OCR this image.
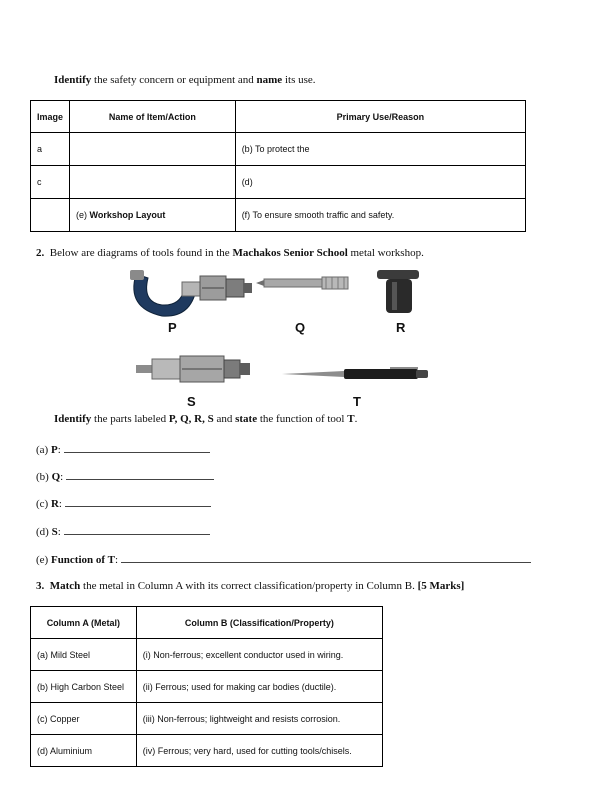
Identify the safety concern or equipment and name its use.
Image	Name of Item/Action	Primary Use/Reason
a		(b) To protect the
c		(d)
	(e) Workshop Layout	(f) To ensure smooth traffic and safety.
2. Below are diagrams of tools found in the Machakos Senior School metal workshop.
P	Q	R
S	T
Identify the parts labeled P, Q, R, S and state the function of tool T.
(a) P:
(b) Q:
(c) R:
(d) S:
(e) Function of T:
3. Match the metal in Column A with its correct classification/property in Column B. [5 Marks]
Column A (Metal)	Column B (Classification/Property)
(a) Mild Steel	(i) Non-ferrous; excellent conductor used in wiring.
(b) High Carbon Steel	(ii) Ferrous; used for making car bodies (ductile).
(c) Copper	(iii) Non-ferrous; lightweight and resists corrosion.
(d) Aluminium	(iv) Ferrous; very hard, used for cutting tools/chisels.
